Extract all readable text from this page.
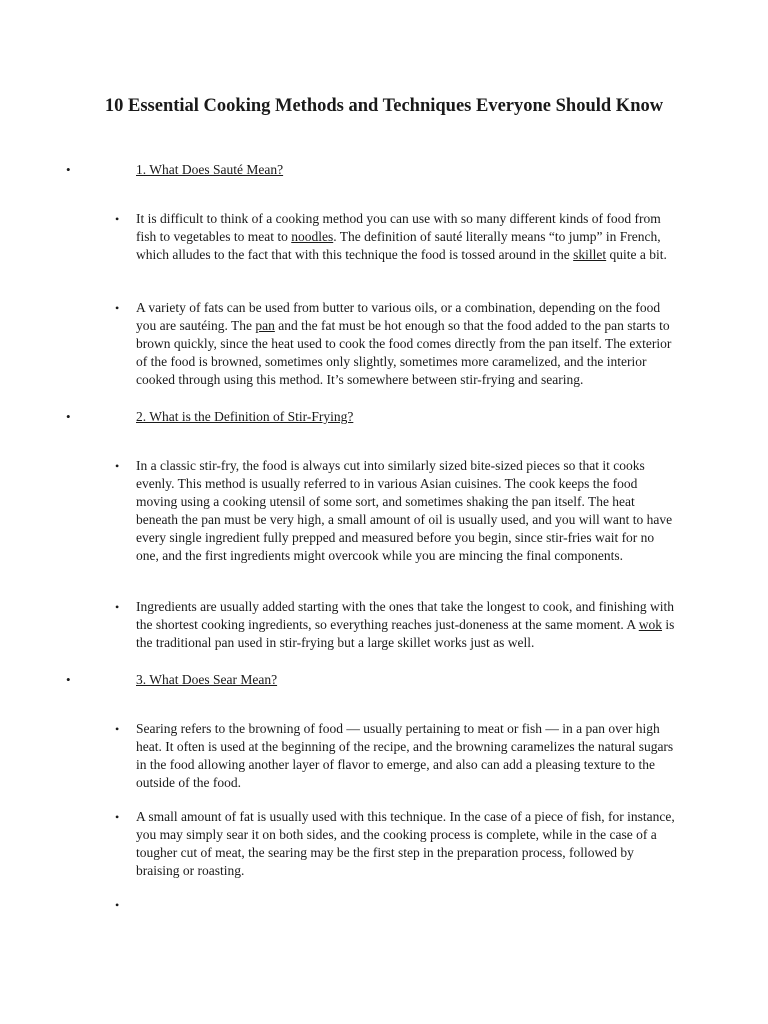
10 Essential Cooking Methods and Techniques Everyone Should Know
•	1. What Does Sauté Mean?
• It is difficult to think of a cooking method you can use with so many different kinds of food from fish to vegetables to meat to noodles. The definition of sauté literally means “to jump” in French, which alludes to the fact that with this technique the food is tossed around in the skillet quite a bit.
• A variety of fats can be used from butter to various oils, or a combination, depending on the food you are sautéing. The pan and the fat must be hot enough so that the food added to the pan starts to brown quickly, since the heat used to cook the food comes directly from the pan itself. The exterior of the food is browned, sometimes only slightly, sometimes more caramelized, and the interior cooked through using this method. It’s somewhere between stir-frying and searing.
•	2. What is the Definition of Stir-Frying?
• In a classic stir-fry, the food is always cut into similarly sized bite-sized pieces so that it cooks evenly. This method is usually referred to in various Asian cuisines. The cook keeps the food moving using a cooking utensil of some sort, and sometimes shaking the pan itself. The heat beneath the pan must be very high, a small amount of oil is usually used, and you will want to have every single ingredient fully prepped and measured before you begin, since stir-fries wait for no one, and the first ingredients might overcook while you are mincing the final components.
• Ingredients are usually added starting with the ones that take the longest to cook, and finishing with the shortest cooking ingredients, so everything reaches just-doneness at the same moment. A wok is the traditional pan used in stir-frying but a large skillet works just as well.
•	3. What Does Sear Mean?
• Searing refers to the browning of food — usually pertaining to meat or fish — in a pan over high heat. It often is used at the beginning of the recipe, and the browning caramelizes the natural sugars in the food allowing another layer of flavor to emerge, and also can add a pleasing texture to the outside of the food.
• A small amount of fat is usually used with this technique. In the case of a piece of fish, for instance, you may simply sear it on both sides, and the cooking process is complete, while in the case of a tougher cut of meat, the searing may be the first step in the preparation process, followed by braising or roasting.
•
